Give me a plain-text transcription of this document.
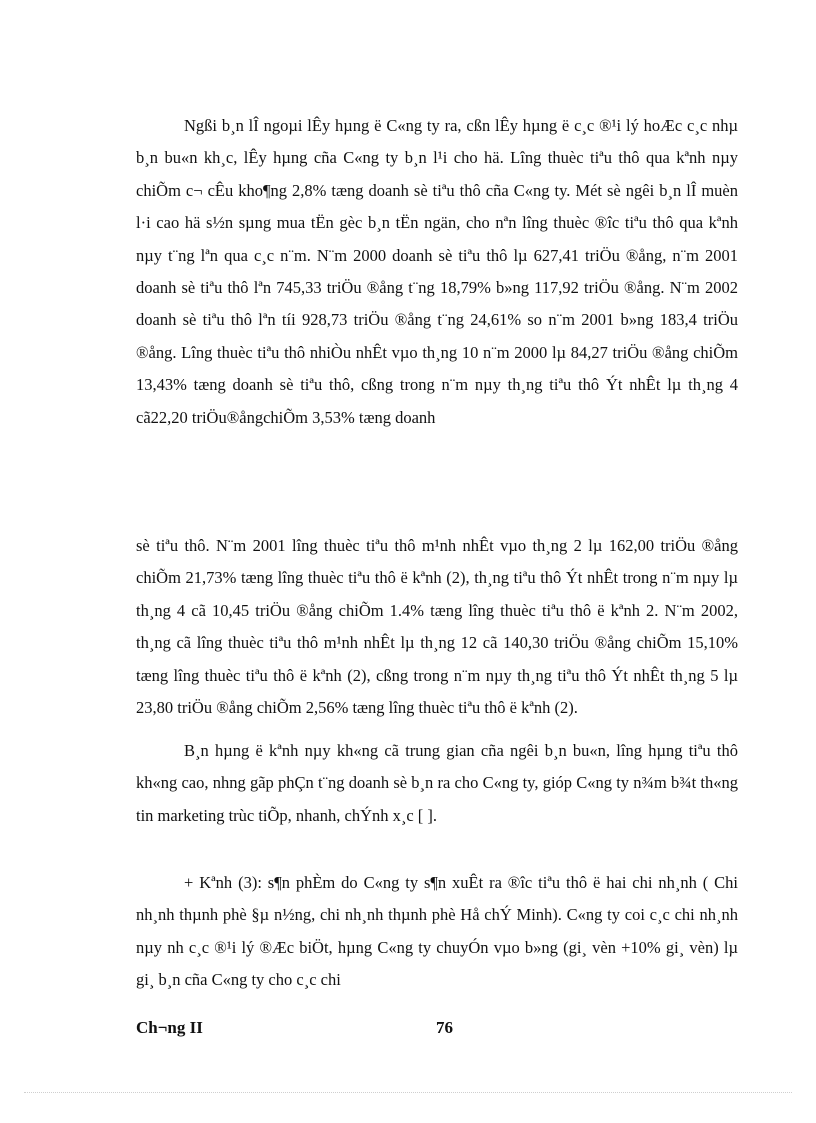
Ngßi b¸n lÎ ngoµi lÊy hµng ë C«ng ty ra, cßn lÊy hµng ë c¸c ®¹i lý hoÆc c¸c nhµ b¸n bu«n kh¸c, lÊy hµng cña C«ng ty b¸n l¹i cho hä. Lîng thuèc tiªu thô qua kªnh nµy chiÕm c¬ cÊu kho¶ng 2,8% tæng doanh sè tiªu thô cña C«ng ty. Mét sè ngêi b¸n lÎ muèn l·i cao hä s½n sµng mua tËn gèc b¸n tËn ngän, cho nªn lîng thuèc ®îc tiªu thô qua kªnh nµy t¨ng lªn qua c¸c n¨m. N¨m 2000 doanh sè tiªu thô lµ 627,41 triÖu ®ång, n¨m 2001 doanh sè tiªu thô lªn 745,33 triÖu ®ång t¨ng 18,79% b»ng 117,92 triÖu ®ång. N¨m 2002 doanh sè tiªu thô lªn tíi 928,73 triÖu ®ång t¨ng 24,61% so n¨m 2001 b»ng 183,4 triÖu ®ång. Lîng thuèc tiªu thô nhiÒu nhÊt vµo th¸ng 10 n¨m 2000 lµ 84,27 triÖu ®ång chiÕm 13,43% tæng doanh sè tiªu thô, cßng trong n¨m nµy th¸ng tiªu thô Ýt nhÊt lµ th¸ng 4 cã22,20 triÖu®ångchiÕm 3,53% tæng doanh

sè tiªu thô. N¨m 2001 lîng thuèc tiªu thô m¹nh nhÊt vµo th¸ng 2 lµ 162,00 triÖu ®ång chiÕm 21,73% tæng lîng thuèc tiªu thô ë kªnh (2), th¸ng tiªu thô Ýt nhÊt trong n¨m nµy lµ th¸ng 4 cã 10,45 triÖu ®ång chiÕm 1.4% tæng lîng thuèc tiªu thô ë kªnh 2. N¨m 2002, th¸ng cã lîng thuèc tiªu thô m¹nh nhÊt lµ th¸ng 12 cã 140,30 triÖu ®ång chiÕm 15,10% tæng lîng thuèc tiªu thô ë kªnh (2), cßng trong n¨m nµy th¸ng tiªu thô Ýt nhÊt th¸ng 5 lµ 23,80 triÖu ®ång chiÕm 2,56% tæng lîng thuèc tiªu thô ë kªnh (2).

B¸n hµng ë kªnh nµy kh«ng cã trung gian cña ngêi b¸n bu«n, lîng hµng tiªu thô kh«ng cao, nhng gãp phÇn t¨ng doanh sè b¸n ra cho C«ng ty, gióp C«ng ty n¾m b¾t th«ng tin marketing trùc tiÕp, nhanh, chÝnh x¸c [ ].

+ Kªnh (3): s¶n phÈm do C«ng ty s¶n xuÊt ra ®îc tiªu thô ë hai chi nh¸nh ( Chi nh¸nh thµnh phè §µ n½ng, chi nh¸nh thµnh phè Hå chÝ Minh). C«ng ty coi c¸c chi nh¸nh nµy nh c¸c ®¹i lý ®Æc biÖt, hµng C«ng ty chuyÓn vµo b»ng (gi¸ vèn +10% gi¸ vèn) lµ gi¸ b¸n cña C«ng ty cho c¸c chi

Ch¬ng II	76
